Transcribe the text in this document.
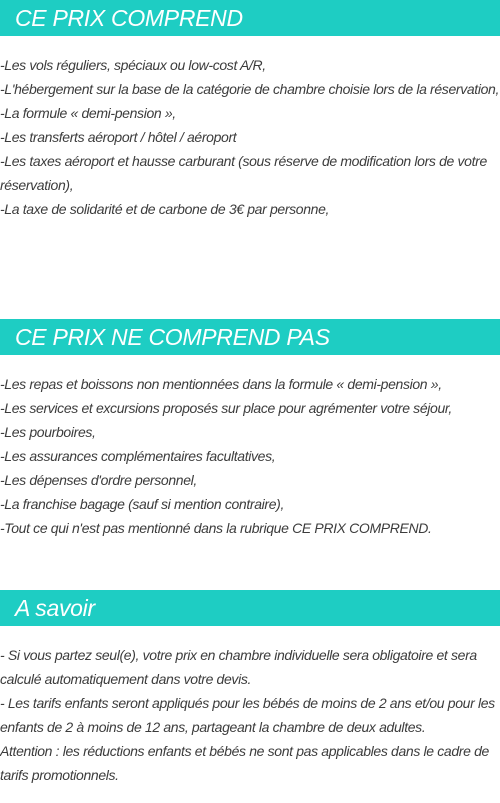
CE PRIX COMPREND

-Les vols réguliers, spéciaux ou low-cost A/R,

-L'hébergement sur la base de la catégorie de chambre choisie lors de la réservation,

-La formule « demi-pension »,

-Les transferts aéroport / hôtel / aéroport

-Les taxes aéroport et hausse carburant (sous réserve de modification lors de votre réservation),

-La taxe de solidarité et de carbone de 3€ par personne,

CE PRIX NE COMPREND PAS

-Les repas et boissons non mentionnées dans la formule « demi-pension »,

-Les services et excursions proposés sur place pour agrémenter votre séjour,

-Les pourboires,

-Les assurances complémentaires facultatives,

-Les dépenses d'ordre personnel,

-La franchise bagage (sauf si mention contraire),

-Tout ce qui n'est pas mentionné dans la rubrique CE PRIX COMPREND.

A savoir

- Si vous partez seul(e), votre prix en chambre individuelle sera obligatoire et sera calculé automatiquement dans votre devis.

- Les tarifs enfants seront appliqués pour les bébés de moins de 2 ans et/ou pour les enfants de 2 à moins de 12 ans, partageant la chambre de deux adultes.

Attention : les réductions enfants et bébés ne sont pas applicables dans le cadre de tarifs promotionnels.
